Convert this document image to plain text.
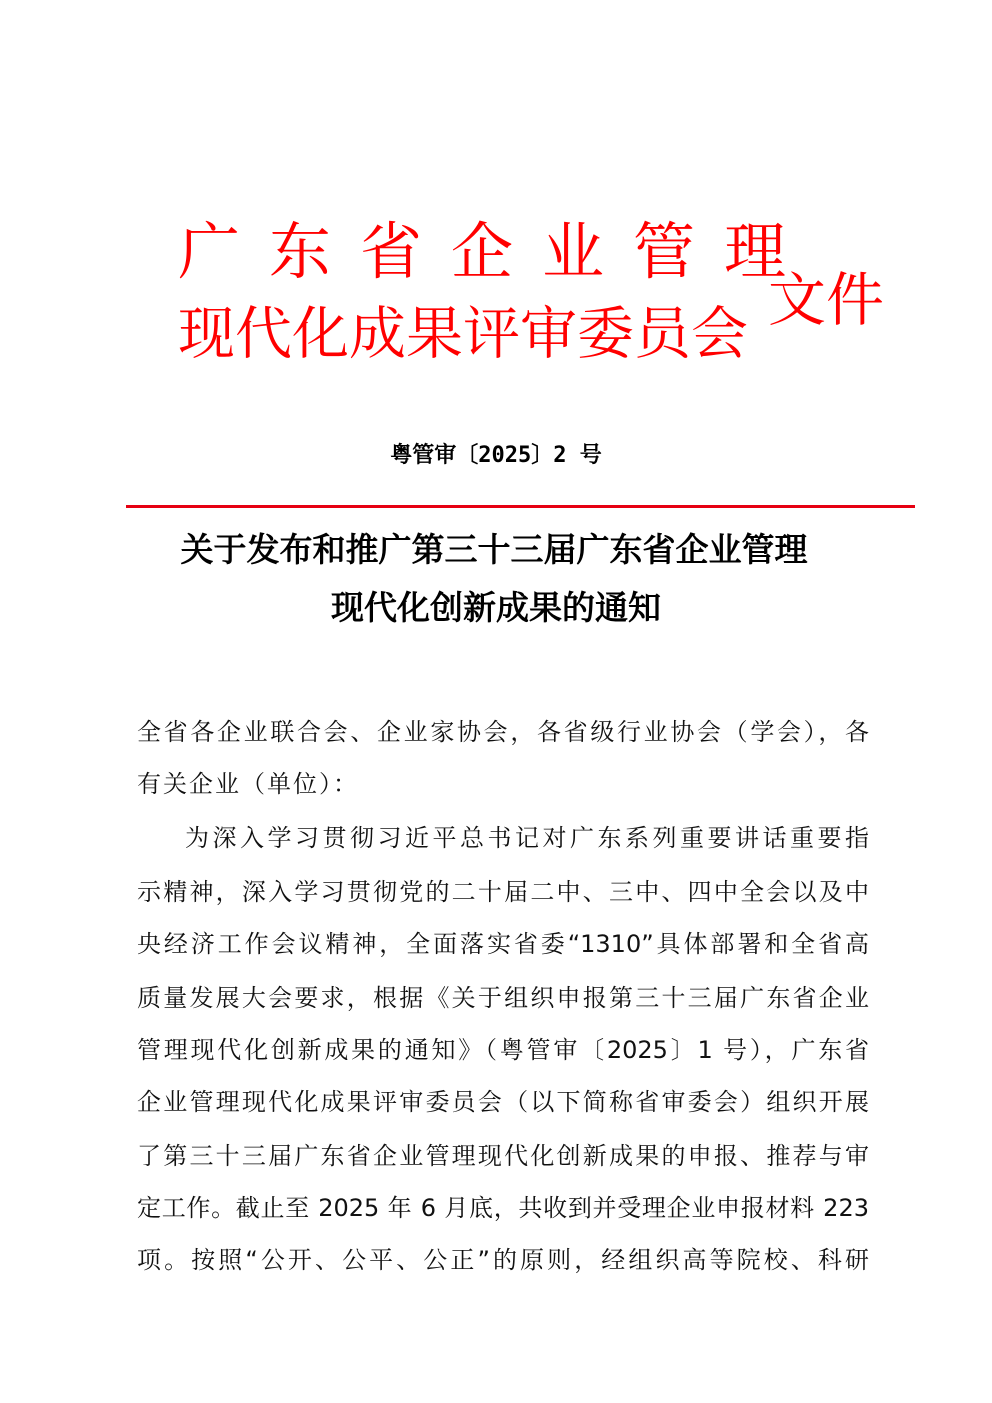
广东省企业管理
现代化成果评审委员会 文件
粤管审〔2025〕2 号
关于发布和推广第三十三届广东省企业管理
现代化创新成果的通知
全省各企业联合会、企业家协会，各省级行业协会（学会），各
有关企业（单位）：
为深入学习贯彻习近平总书记对广东系列重要讲话重要指
示精神，深入学习贯彻党的二十届二中、三中、四中全会以及中
央经济工作会议精神，全面落实省委“1310”具体部署和全省高
质量发展大会要求，根据《关于组织申报第三十三届广东省企业
管理现代化创新成果的通知》（粤管审〔2025〕1 号），广东省
企业管理现代化成果评审委员会（以下简称省审委会）组织开展
了第三十三届广东省企业管理现代化创新成果的申报、推荐与审
定工作。截止至 2025 年 6 月底，共收到并受理企业申报材料 223
项。按照“公开、公平、公正”的原则，经组织高等院校、科研
